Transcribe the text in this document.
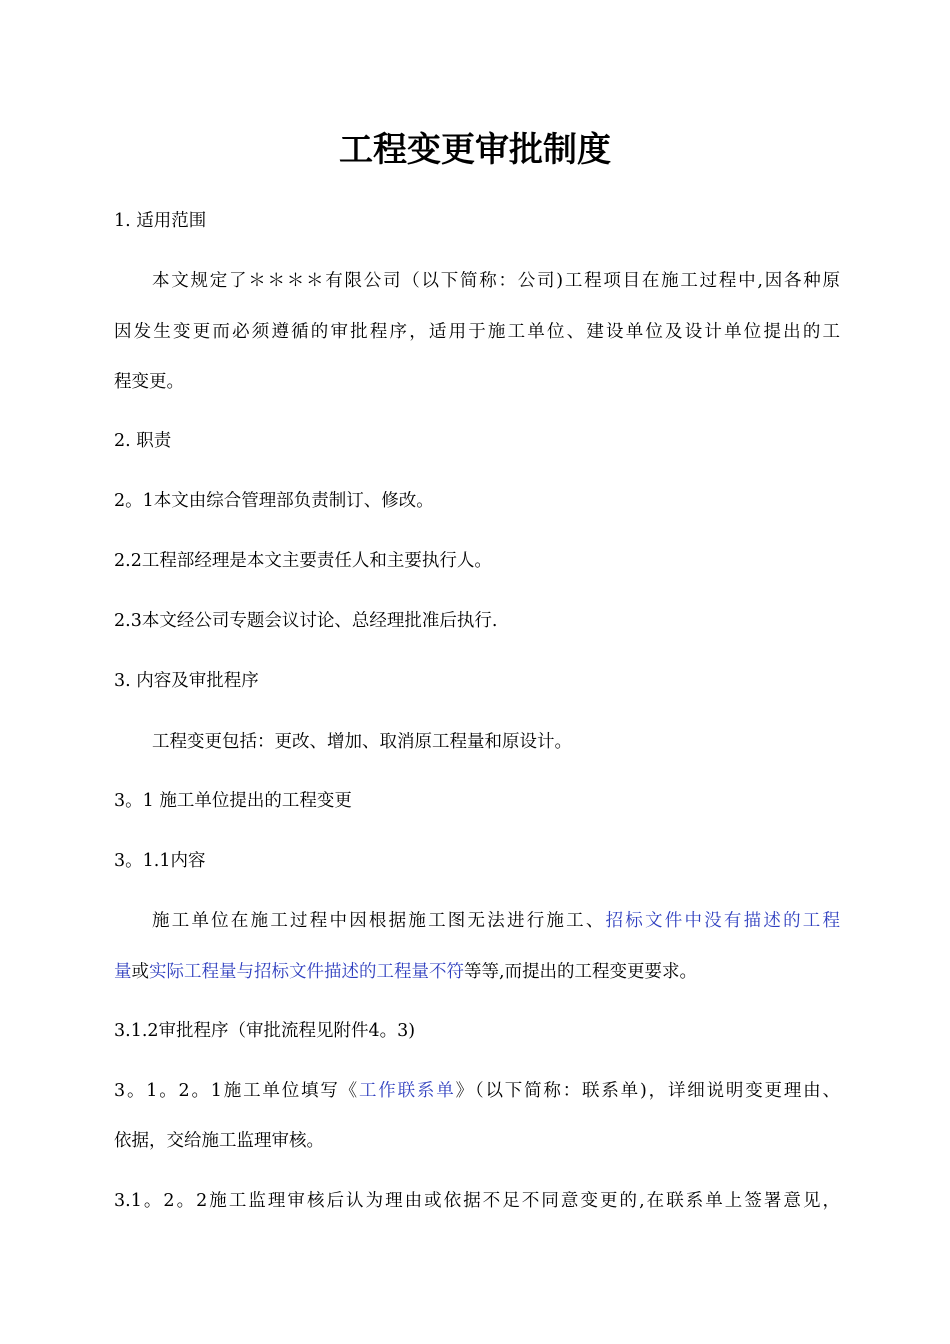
工程变更审批制度
1. 适用范围
本文规定了＊＊＊＊有限公司（以下简称：公司)工程项目在施工过程中,因各种原
因发生变更而必须遵循的审批程序，适用于施工单位、建设单位及设计单位提出的工
程变更。
2. 职责
2。1本文由综合管理部负责制订、修改。
2.2工程部经理是本文主要责任人和主要执行人。
2.3本文经公司专题会议讨论、总经理批准后执行.
3. 内容及审批程序
工程变更包括：更改、增加、取消原工程量和原设计。
3。1 施工单位提出的工程变更
3。1.1内容
施工单位在施工过程中因根据施工图无法进行施工、招标文件中没有描述的工程
量或实际工程量与招标文件描述的工程量不符等等,而提出的工程变更要求。
3.1.2审批程序（审批流程见附件4。3)
3。1。2。1施工单位填写《工作联系单》（以下简称：联系单)，详细说明变更理由、
依据，交给施工监理审核。
3.1。2。2施工监理审核后认为理由或依据不足不同意变更的,在联系单上签署意见，
